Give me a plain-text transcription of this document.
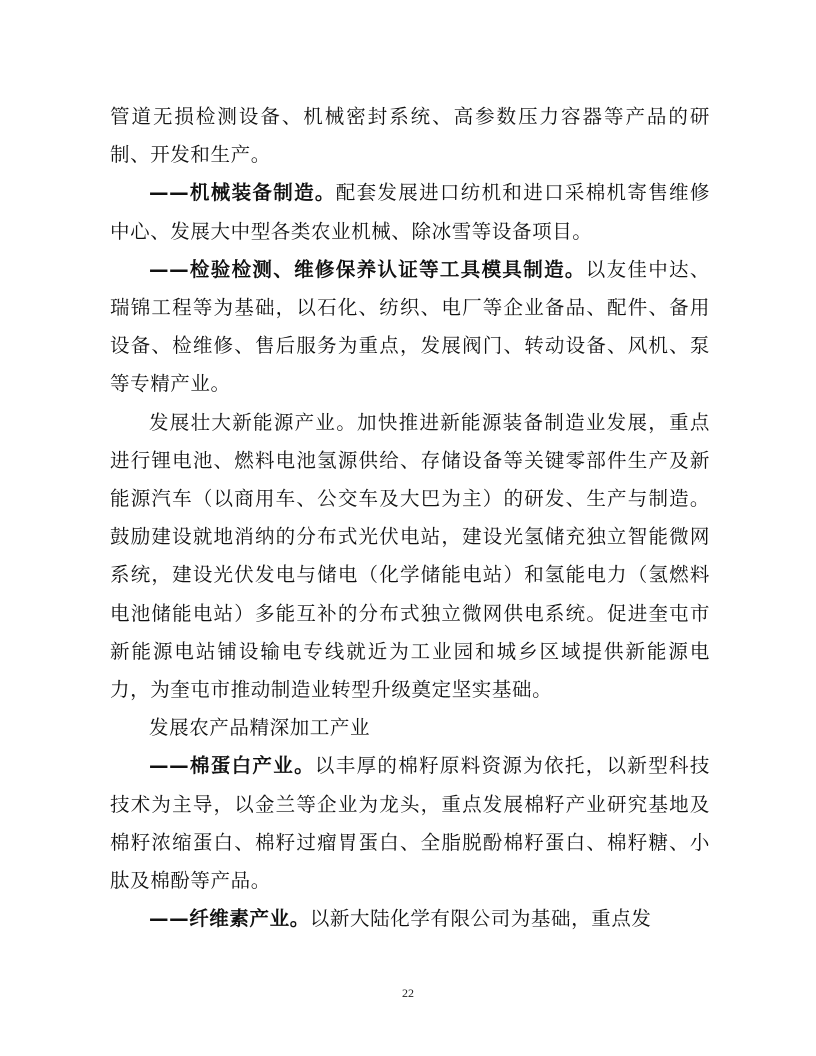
管道无损检测设备、机械密封系统、高参数压力容器等产品的研制、开发和生产。

——机械装备制造。配套发展进口纺机和进口采棉机寄售维修中心、发展大中型各类农业机械、除冰雪等设备项目。

——检验检测、维修保养认证等工具模具制造。以友佳中达、瑞锦工程等为基础，以石化、纺织、电厂等企业备品、配件、备用设备、检维修、售后服务为重点，发展阀门、转动设备、风机、泵等专精产业。

发展壮大新能源产业。加快推进新能源装备制造业发展，重点进行锂电池、燃料电池氢源供给、存储设备等关键零部件生产及新能源汽车（以商用车、公交车及大巴为主）的研发、生产与制造。鼓励建设就地消纳的分布式光伏电站，建设光氢储充独立智能微网系统，建设光伏发电与储电（化学储能电站）和氢能电力（氢燃料电池储能电站）多能互补的分布式独立微网供电系统。促进奎屯市新能源电站铺设输电专线就近为工业园和城乡区域提供新能源电力，为奎屯市推动制造业转型升级奠定坚实基础。

发展农产品精深加工产业

——棉蛋白产业。以丰厚的棉籽原料资源为依托，以新型科技技术为主导，以金兰等企业为龙头，重点发展棉籽产业研究基地及棉籽浓缩蛋白、棉籽过瘤胃蛋白、全脂脱酚棉籽蛋白、棉籽糖、小肽及棉酚等产品。

——纤维素产业。以新大陆化学有限公司为基础，重点发

22
